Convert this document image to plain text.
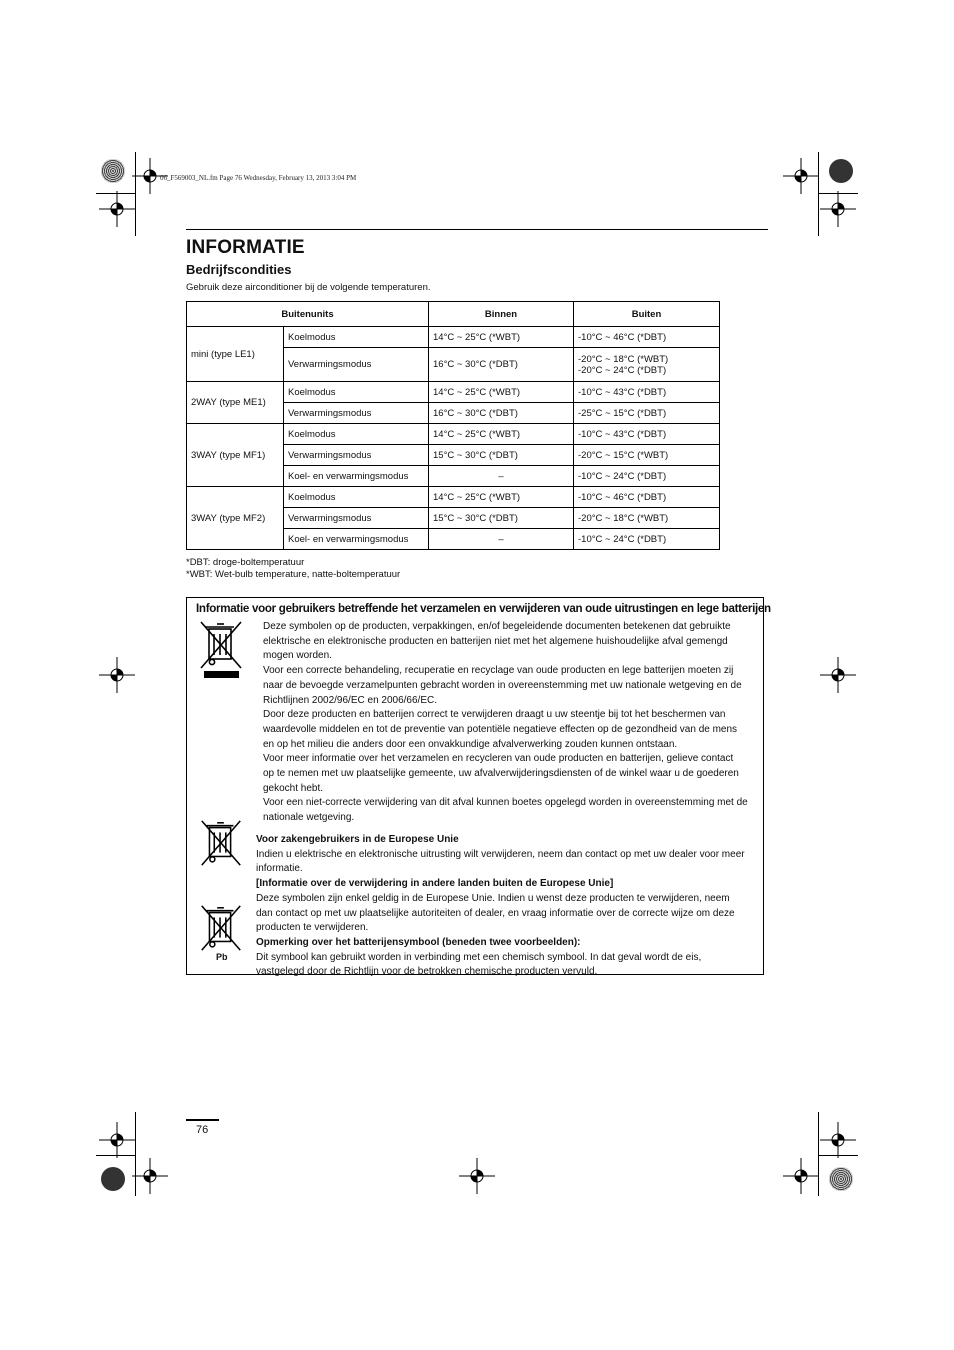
06_F569003_NL.fm Page 76 Wednesday, February 13, 2013 3:04 PM
INFORMATIE
Bedrijfscondities

Gebruik deze airconditioner bij de volgende temperaturen.

Buitenunits		Binnen	Buiten
mini (type LE1)	Koelmodus	14°C ~ 25°C (*WBT)	-10°C ~ 46°C (*DBT)

	Verwarmingsmodus	16°C ~ 30°C (*DBT)	-20°C ~ 18°C (*WBT)
-20°C ~ 24°C (*DBT)

2WAY (type ME1)	Koelmodus	14°C ~ 25°C (*WBT)	-10°C ~ 43°C (*DBT)

	Verwarmingsmodus	16°C ~ 30°C (*DBT)	-25°C ~ 15°C (*DBT)

3WAY (type MF1)	Koelmodus	14°C ~ 25°C (*WBT)	-10°C ~ 43°C (*DBT)

	Verwarmingsmodus	15°C ~ 30°C (*DBT)	-20°C ~ 15°C (*WBT)

	Koel- en verwarmingsmodus	–	-10°C ~ 24°C (*DBT)

3WAY (type MF2)	Koelmodus	14°C ~ 25°C (*WBT)	-10°C ~ 46°C (*DBT)

	Verwarmingsmodus	15°C ~ 30°C (*DBT)	-20°C ~ 18°C (*WBT)

	Koel- en verwarmingsmodus	–	-10°C ~ 24°C (*DBT)
*DBT: droge-boltemperatuur
*WBT: Wet-bulb temperature, natte-boltemperatuur
Informatie voor gebruikers betreffende het verzamelen en verwijderen van oude uitrustingen en lege batterijen
Pb
Deze symbolen op de producten, verpakkingen, en/of begeleidende documenten betekenen dat gebruikte
elektrische en elektronische producten en batterijen niet met het algemene huishoudelijke afval gemengd
mogen worden.
Voor een correcte behandeling, recuperatie en recyclage van oude producten en lege batterijen moeten zij
naar de bevoegde verzamelpunten gebracht worden in overeenstemming met uw nationale wetgeving en de
Richtlijnen 2002/96/EC en 2006/66/EC.
Door deze producten en batterijen correct te verwijderen draagt u uw steentje bij tot het beschermen van
waardevolle middelen en tot de preventie van potentiële negatieve effecten op de gezondheid van de mens
en op het milieu die anders door een onvakkundige afvalverwerking zouden kunnen ontstaan.
Voor meer informatie over het verzamelen en recycleren van oude producten en batterijen, gelieve contact
op te nemen met uw plaatselijke gemeente, uw afvalverwijderingsdiensten of de winkel waar u de goederen
gekocht hebt.
Voor een niet-correcte verwijdering van dit afval kunnen boetes opgelegd worden in overeenstemming met de
nationale wetgeving.
Voor zakengebruikers in de Europese Unie
Indien u elektrische en elektronische uitrusting wilt verwijderen, neem dan contact op met uw dealer voor meer
informatie.
[Informatie over de verwijdering in andere landen buiten de Europese Unie]
Deze symbolen zijn enkel geldig in de Europese Unie. Indien u wenst deze producten te verwijderen, neem
dan contact op met uw plaatselijke autoriteiten of dealer, en vraag informatie over de correcte wijze om deze
producten te verwijderen.
Opmerking over het batterijensymbool (beneden twee voorbeelden):
Dit symbool kan gebruikt worden in verbinding met een chemisch symbool. In dat geval wordt de eis,
vastgelegd door de Richtlijn voor de betrokken chemische producten vervuld.
76
